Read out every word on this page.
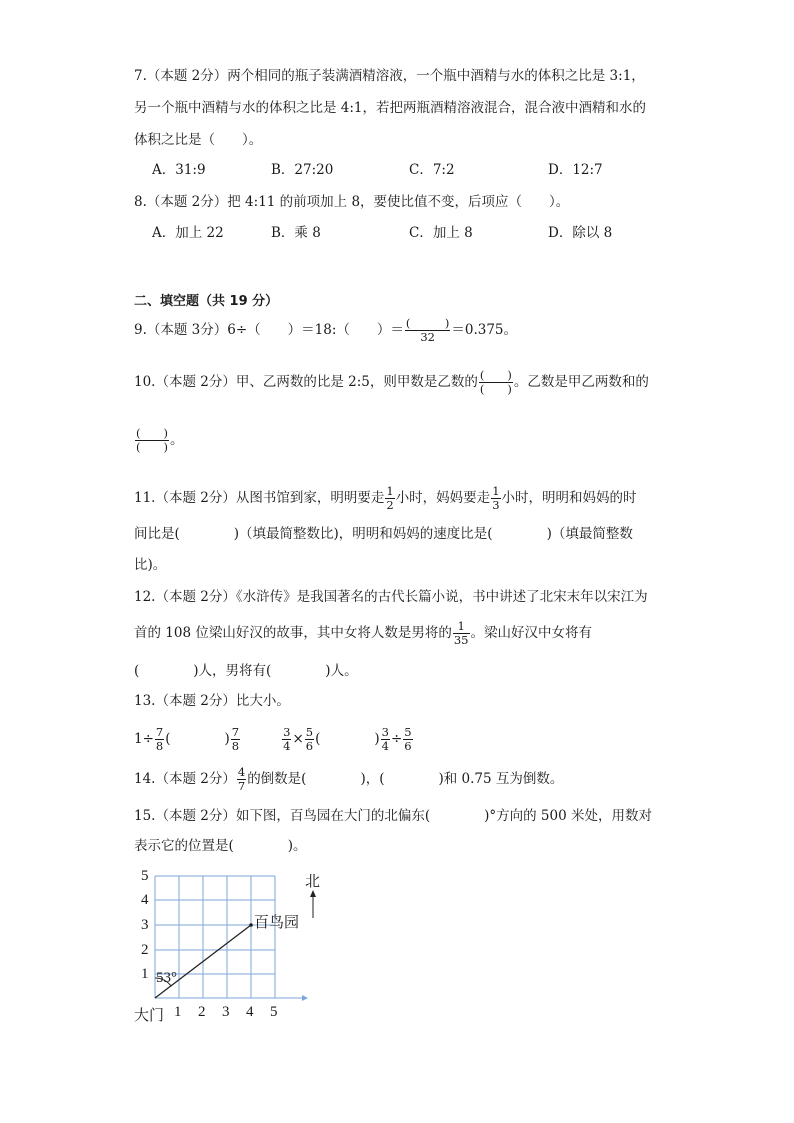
7.（本题 2分）两个相同的瓶子装满酒精溶液，一个瓶中酒精与水的体积之比是 3:1，
另一个瓶中酒精与水的体积之比是 4:1，若把两瓶酒精溶液混合，混合液中酒精和水的
体积之比是（　　）。
A．31:9	B．27:20	C．7:2	D．12:7
8.（本题 2分）把 4:11 的前项加上 8，要使比值不变，后项应（　　）。
A．加上 22	B．乘 8	C．加上 8	D．除以 8
二、填空题（共 19 分）
9.（本题 3分）6÷（　　）＝18:（　　）＝ $\frac{( )}{32} =0.375$。
10.（本题 2分）甲、乙两数的比是 2:5，则甲数是乙数的 $\frac{( )}{( )}$ 。乙数是甲乙两数和的
$\frac{( )}{( )}$ 。
11.（本题 2分）从图书馆到家，明明要走 $\frac{1}{2}$ 小时，妈妈要走 $\frac{1}{3}$ 小时，明明和妈妈的时
间比是(　　　　)（填最简整数比)，明明和妈妈的速度比是(　　　　)（填最简整数
比)。
12.（本题 2分）《水浒传》是我国著名的古代长篇小说，书中讲述了北宋末年以宋江为
首的 108 位梁山好汉的故事，其中女将人数是男将的 $\frac{1}{35}$ 。梁山好汉中女将有
(　　　　)人，男将有(　　　　)人。
13.（本题 2分）比大小。
$1\div \frac{7}{8}$ (　　　　) $\frac{7}{8}$	$\frac{3}{4} \times \frac{5}{6}$ (　　　　) $\frac{3}{4} \div \frac{5}{6}$
14.（本题 2分） $\frac{4}{7}$ 的倒数是(　　　　)，(　　　　)和 0.75 互为倒数。
15.（本题 2分）如下图，百鸟园在大门的北偏东(　　　　)°方向的 500 米处，用数对
表示它的位置是(　　　　)。
5
4
3
2
1
1 2 3 4 5
大门
百鸟园
53°
北
